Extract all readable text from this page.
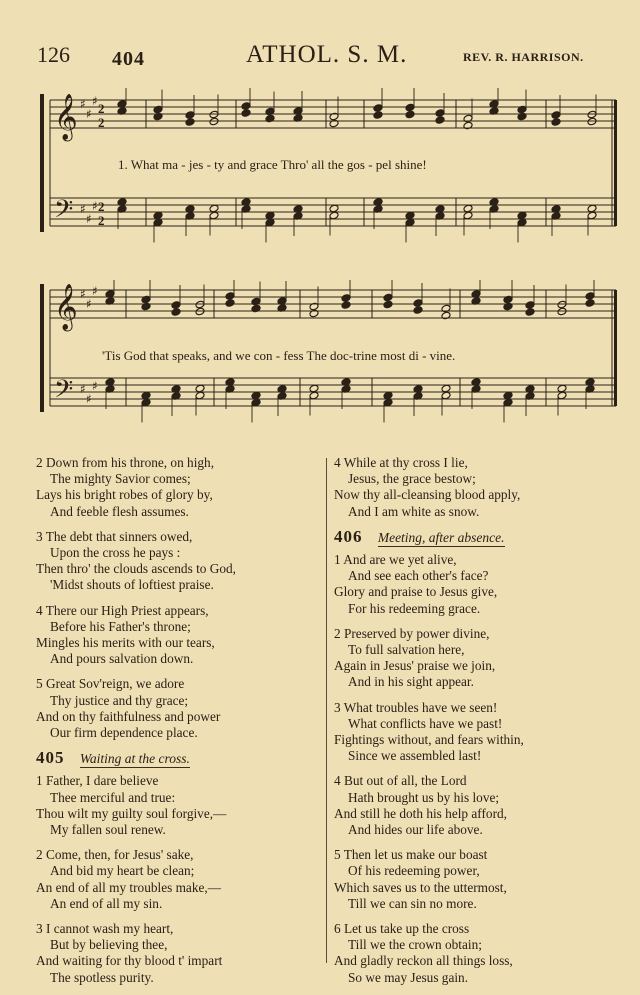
126 404	ATHOL. S. M.	REV. R. HARRISON.
𝄞
𝄢
♯
♯
♯
♯
♯
♯
2
2
2
2
1. What ma - jes - ty and grace Thro' all the gos - pel shine!
𝄞
𝄢
♯
♯
♯
♯
♯
♯
'Tis God that speaks, and we con - fess The doc-trine most di - vine.
2 Down from his throne, on high,
The mighty Savior comes;
Lays his bright robes of glory by,
And feeble flesh assumes.
3 The debt that sinners owed,
Upon the cross he pays :
Then thro' the clouds ascends to God,
'Midst shouts of loftiest praise.
4 There our High Priest appears,
Before his Father's throne;
Mingles his merits with our tears,
And pours salvation down.
5 Great Sov'reign, we adore
Thy justice and thy grace;
And on thy faithfulness and power
Our firm dependence place.
405 Waiting at the cross.
1 Father, I dare believe
Thee merciful and true:
Thou wilt my guilty soul forgive,—
My fallen soul renew.
2 Come, then, for Jesus' sake,
And bid my heart be clean;
An end of all my troubles make,—
An end of all my sin.
3 I cannot wash my heart,
But by believing thee,
And waiting for thy blood t' impart
The spotless purity.
4 While at thy cross I lie,
Jesus, the grace bestow;
Now thy all-cleansing blood apply,
And I am white as snow.
406 Meeting, after absence.
1 And are we yet alive,
And see each other's face?
Glory and praise to Jesus give,
For his redeeming grace.
2 Preserved by power divine,
To full salvation here,
Again in Jesus' praise we join,
And in his sight appear.
3 What troubles have we seen!
What conflicts have we past!
Fightings without, and fears within,
Since we assembled last!
4 But out of all, the Lord
Hath brought us by his love;
And still he doth his help afford,
And hides our life above.
5 Then let us make our boast
Of his redeeming power,
Which saves us to the uttermost,
Till we can sin no more.
6 Let us take up the cross
Till we the crown obtain;
And gladly reckon all things loss,
So we may Jesus gain.
